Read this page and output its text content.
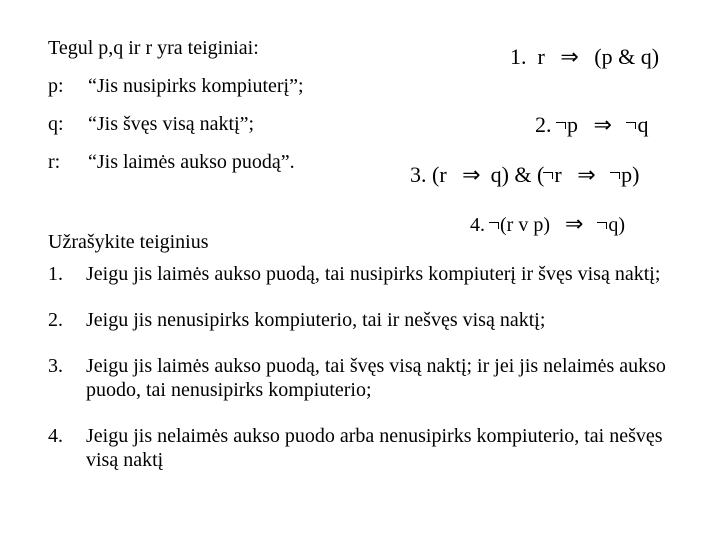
Tegul p,q ir r yra teiginiai:
p: “Jis nusipirks kompiuterį”;
q: “Jis švęs visą naktį”;
r: “Jis laimės aukso puodą”.
1. r ⇒ (p & q)
2. p ⇒ q
3. (r ⇒ q) & ( r ⇒ p)
4. (r v p) ⇒ q)
Užrašykite teiginius
1. Jeigu jis laimės aukso puodą, tai nusipirks kompiuterį ir švęs visą naktį;
2. Jeigu jis nenusipirks kompiuterio, tai ir nešvęs visą naktį;
3. Jeigu jis laimės aukso puodą, tai švęs visą naktį; ir jei jis nelaimės aukso puodo, tai nenusipirks kompiuterio;
4. Jeigu jis nelaimės aukso puodo arba nenusipirks kompiuterio, tai nešvęs visą naktį
